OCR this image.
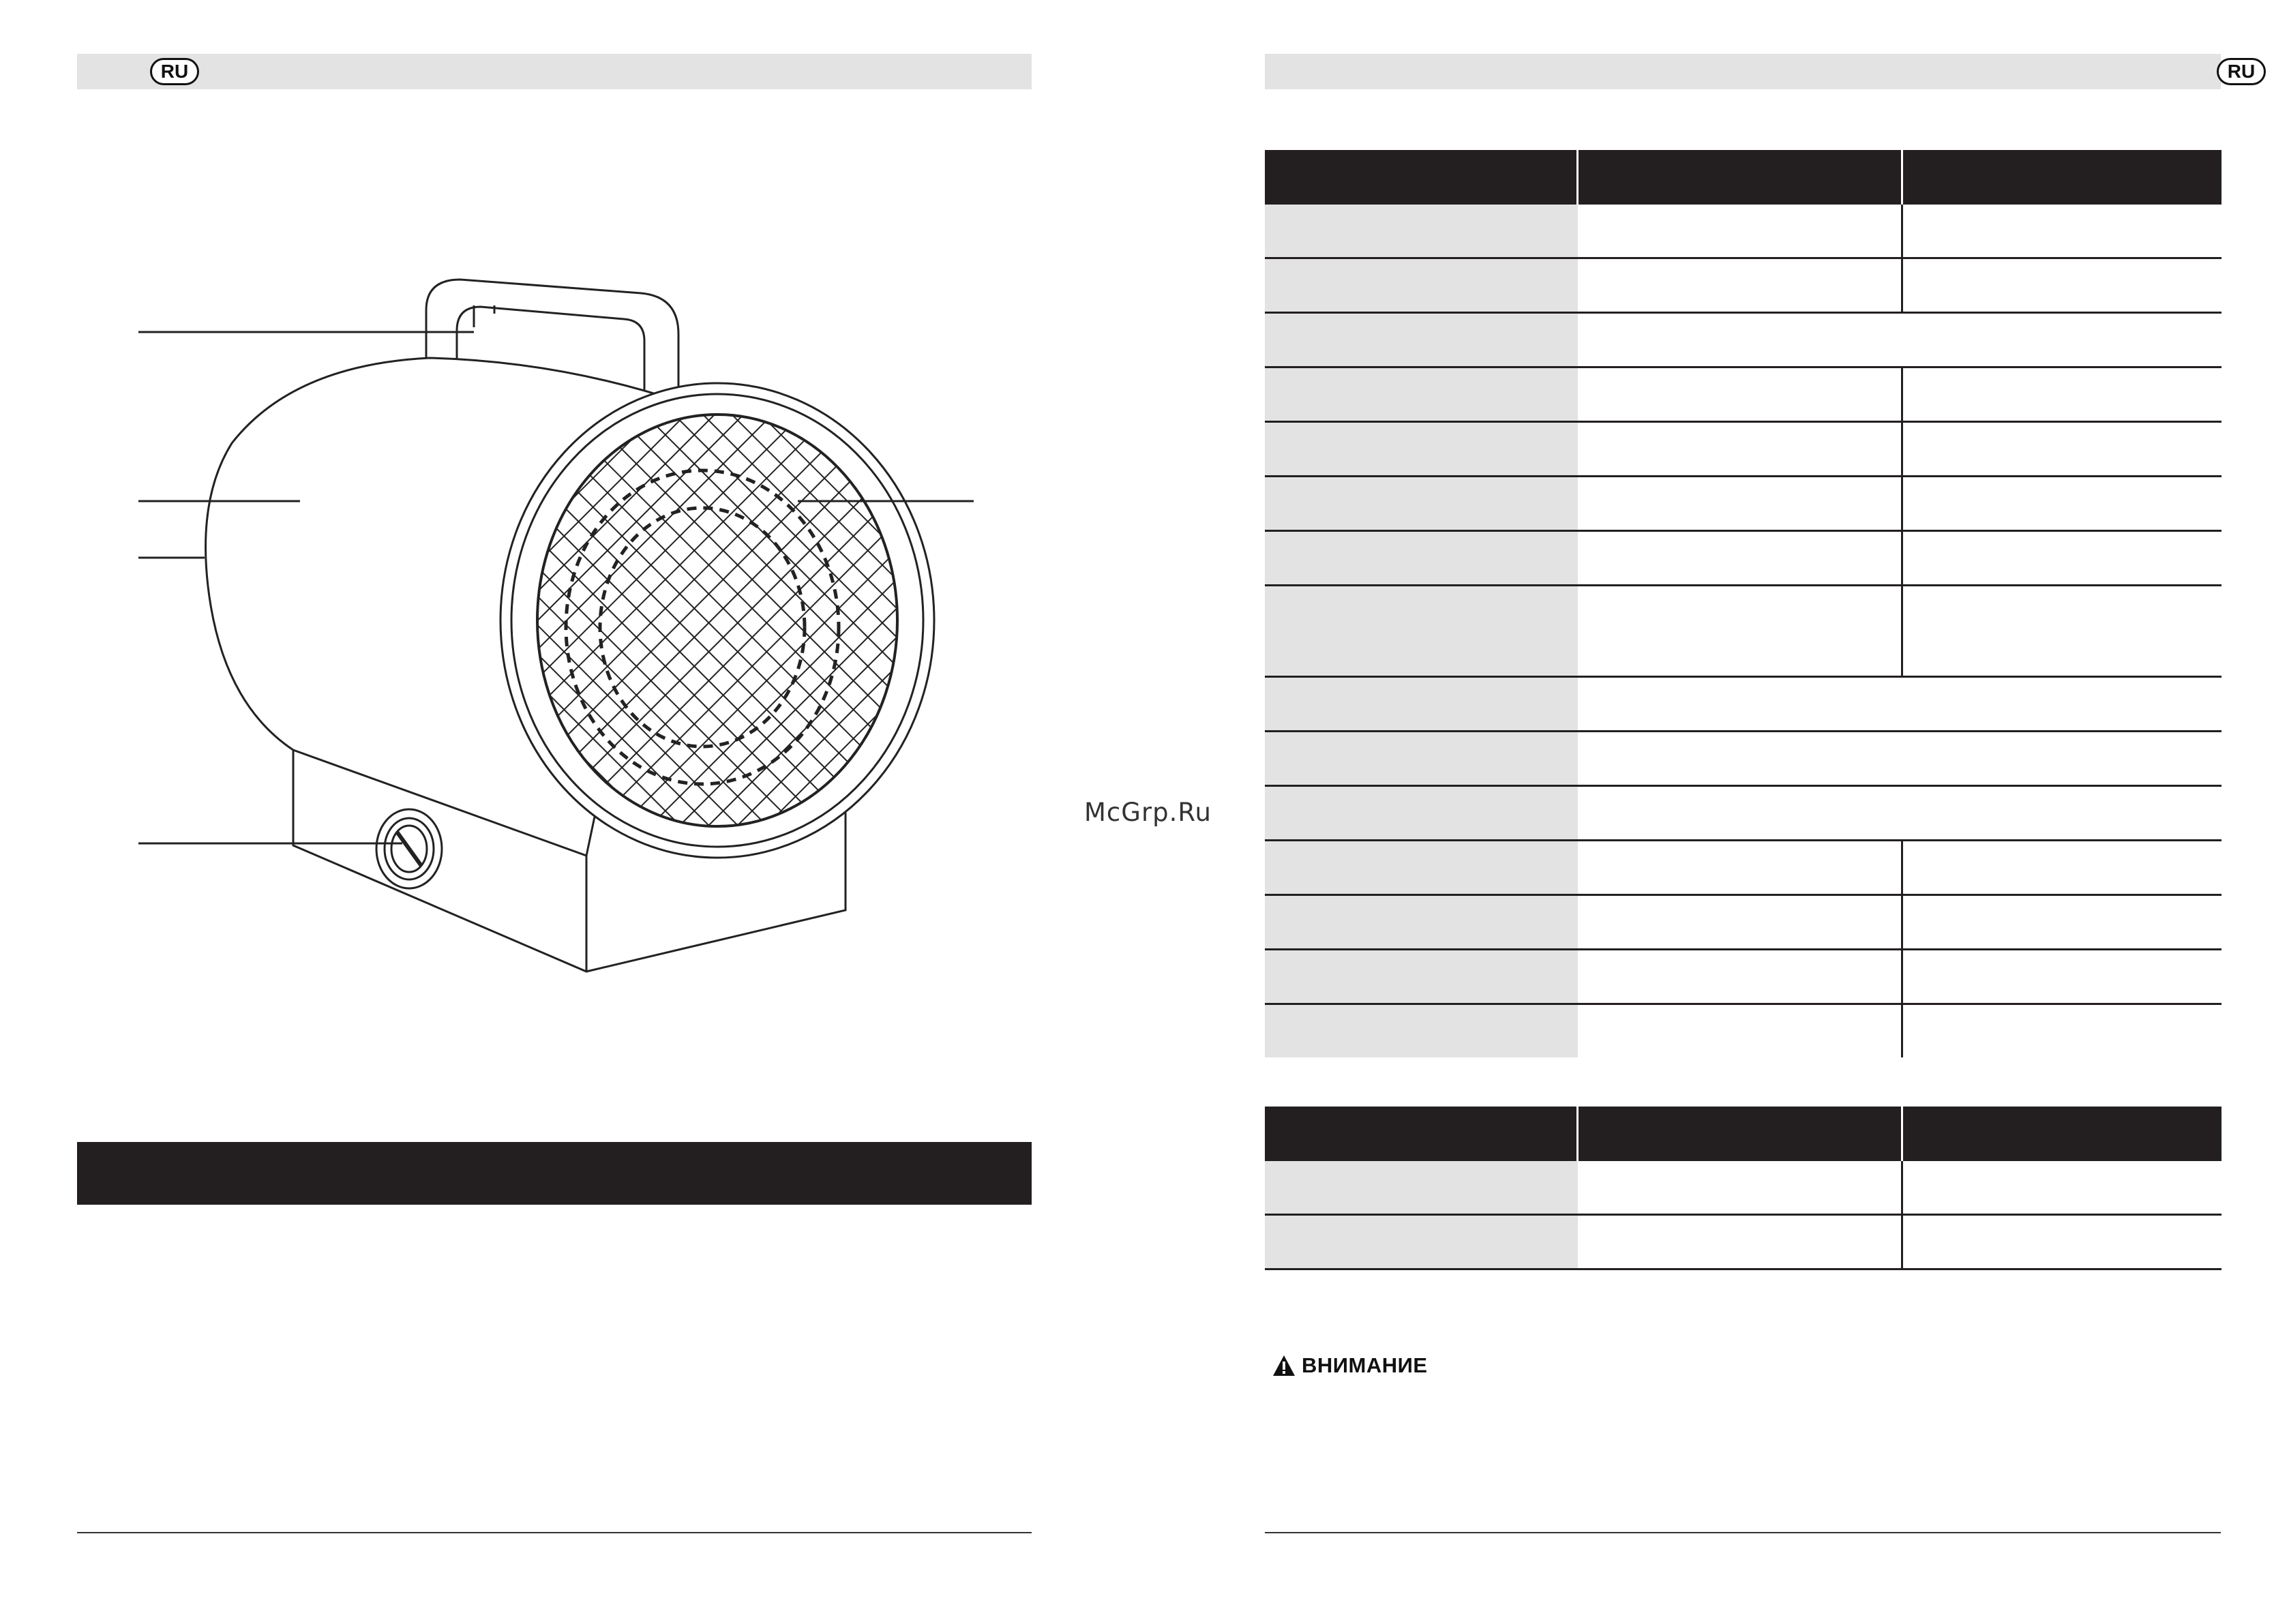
RU	RU

ВНИМАНИЕ
McGrp.Ru
